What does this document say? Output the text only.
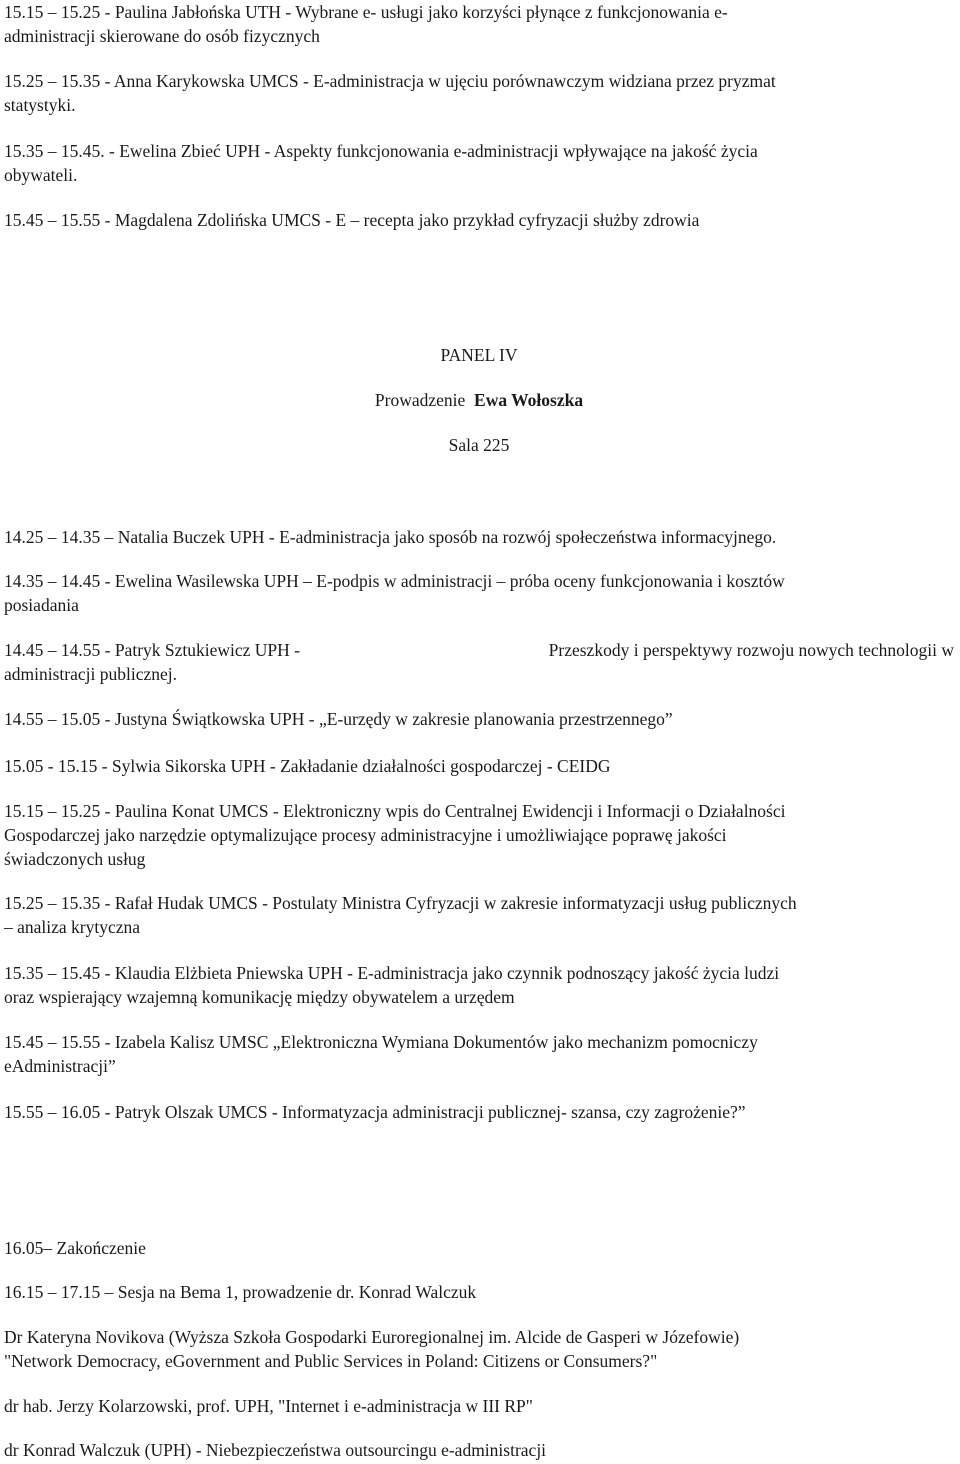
15.15 – 15.25 - Paulina Jabłońska UTH - Wybrane e- usługi jako korzyści płynące z funkcjonowania e-
administracji skierowane do osób fizycznych

15.25 – 15.35 - Anna Karykowska UMCS - E-administracja w ujęciu porównawczym widziana przez pryzmat
statystyki.

15.35 – 15.45. - Ewelina Zbieć UPH - Aspekty funkcjonowania e-administracji wpływające na jakość życia
obywateli.

15.45 – 15.55 - Magdalena Zdolińska UMCS - E – recepta jako przykład cyfryzacji służby zdrowia

PANEL IV

Prowadzenie Ewa Wołoszka

Sala 225

14.25 – 14.35 – Natalia Buczek UPH - E-administracja jako sposób na rozwój społeczeństwa informacyjnego.

14.35 – 14.45 - Ewelina Wasilewska UPH – E-podpis w administracji – próba oceny funkcjonowania i kosztów
posiadania

14.45 – 14.55 - Patryk Sztukiewicz UPH -	Przeszkody i perspektywy rozwoju nowych technologii w
administracji publicznej.

14.55 – 15.05 - Justyna Świątkowska UPH - „E-urzędy w zakresie planowania przestrzennego”

15.05 - 15.15 - Sylwia Sikorska UPH - Zakładanie działalności gospodarczej - CEIDG

15.15 – 15.25 - Paulina Konat UMCS - Elektroniczny wpis do Centralnej Ewidencji i Informacji o Działalności
Gospodarczej jako narzędzie optymalizujące procesy administracyjne i umożliwiające poprawę jakości
świadczonych usług

15.25 – 15.35 - Rafał Hudak UMCS - Postulaty Ministra Cyfryzacji w zakresie informatyzacji usług publicznych
– analiza krytyczna

15.35 – 15.45 - Klaudia Elżbieta Pniewska UPH - E-administracja jako czynnik podnoszący jakość życia ludzi
oraz wspierający wzajemną komunikację między obywatelem a urzędem

15.45 – 15.55 - Izabela Kalisz UMSC „Elektroniczna Wymiana Dokumentów jako mechanizm pomocniczy
eAdministracji”

15.55 – 16.05 - Patryk Olszak UMCS - Informatyzacja administracji publicznej- szansa, czy zagrożenie?”

16.05– Zakończenie

16.15 – 17.15 – Sesja na Bema 1, prowadzenie dr. Konrad Walczuk

Dr Kateryna Novikova (Wyższa Szkoła Gospodarki Euroregionalnej im. Alcide de Gasperi w Józefowie)
"Network Democracy, eGovernment and Public Services in Poland: Citizens or Consumers?"

dr hab. Jerzy Kolarzowski, prof. UPH, "Internet i e-administracja w III RP"

dr Konrad Walczuk (UPH) - Niebezpieczeństwa outsourcingu e-administracji
